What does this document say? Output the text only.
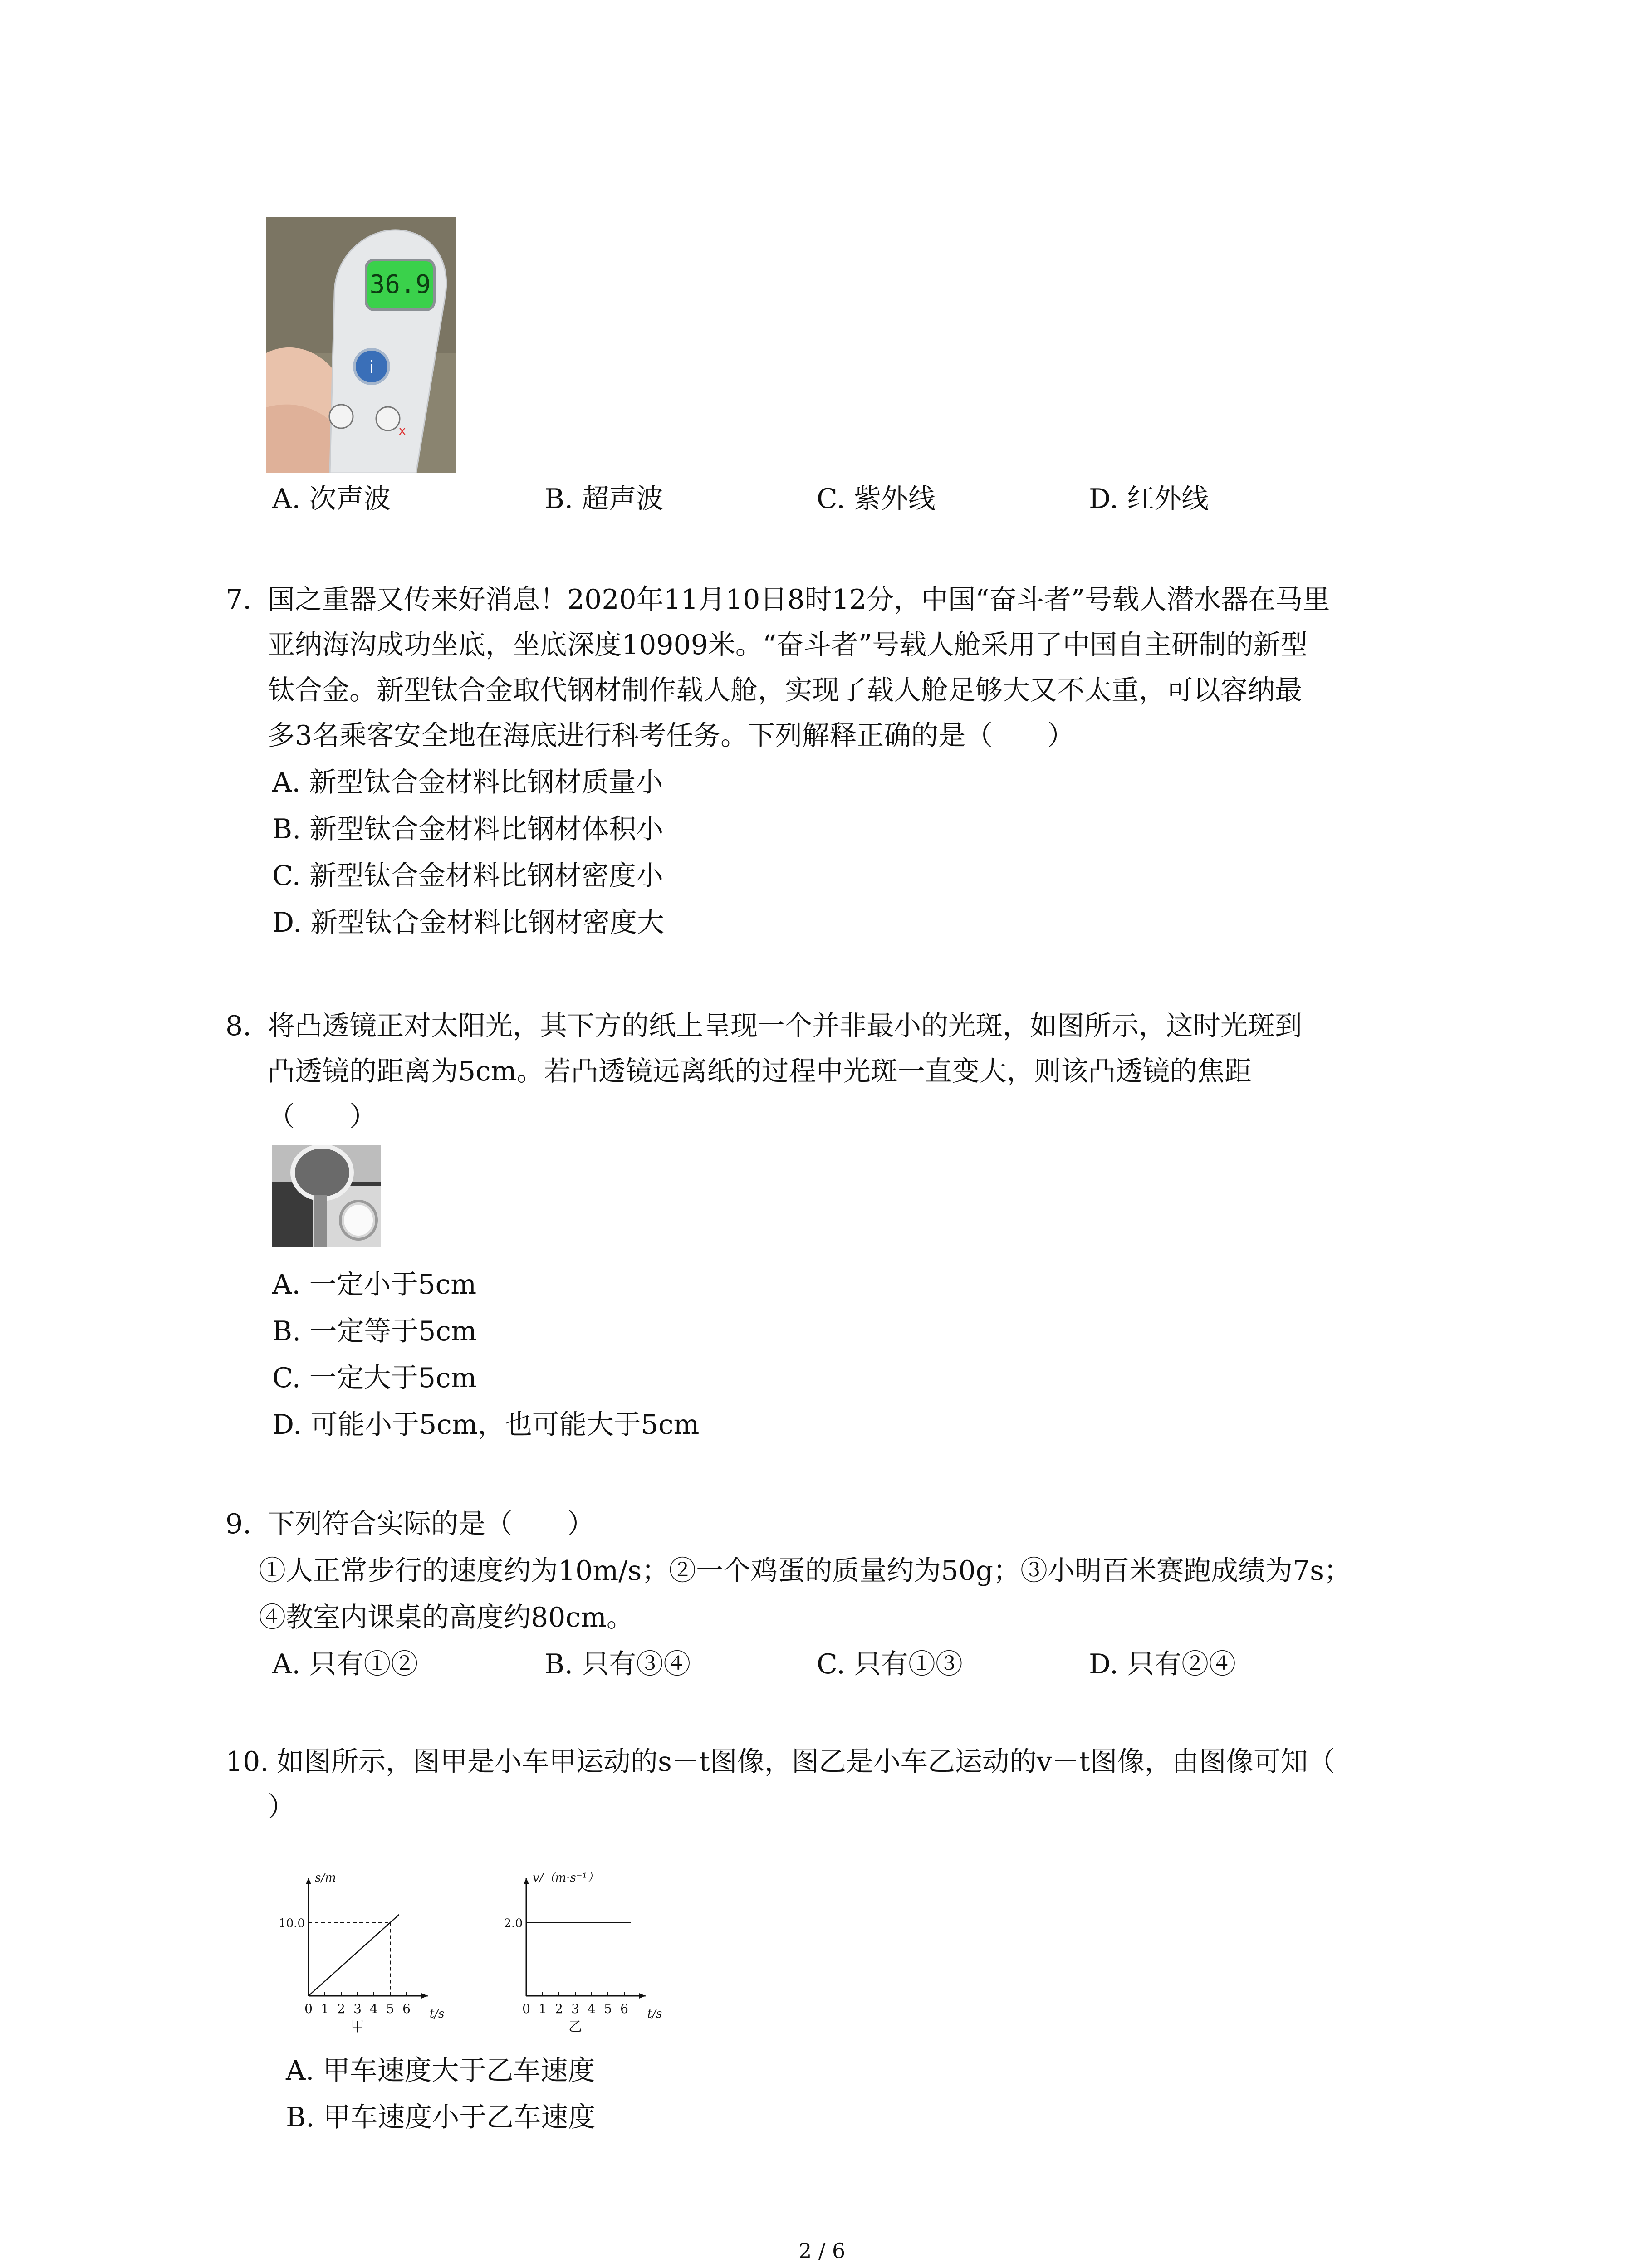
36.9
i
x
A. 次声波	B. 超声波	C. 紫外线	D. 红外线
7. 国之重器又传来好消息！2020年11月10日8时12分，中国“奋斗者”号载人潜水器在马里
亚纳海沟成功坐底，坐底深度10909米。“奋斗者”号载人舱采用了中国自主研制的新型
钛合金。新型钛合金取代钢材制作载人舱，实现了载人舱足够大又不太重，可以容纳最
多3名乘客安全地在海底进行科考任务。下列解释正确的是（　　）
A. 新型钛合金材料比钢材质量小
B. 新型钛合金材料比钢材体积小
C. 新型钛合金材料比钢材密度小
D. 新型钛合金材料比钢材密度大
8. 将凸透镜正对太阳光，其下方的纸上呈现一个并非最小的光斑，如图所示，这时光斑到
凸透镜的距离为5cm。若凸透镜远离纸的过程中光斑一直变大，则该凸透镜的焦距
（　　）
A. 一定小于5cm
B. 一定等于5cm
C. 一定大于5cm
D. 可能小于5cm，也可能大于5cm
9. 下列符合实际的是（　　）
①人正常步行的速度约为10m/s；②一个鸡蛋的质量约为50g；③小明百米赛跑成绩为7s；
④教室内课桌的高度约80cm。
A. 只有①②	B. 只有③④	C. 只有①③	D. 只有②④
10. 如图所示，图甲是小车甲运动的s－t图像，图乙是小车乙运动的v－t图像，由图像可知（
）
0 1 2 3 4 5 6 t/s
s/m
甲
10.0
0 1 2 3 4 5 6 t/s
v/（m·s⁻¹）
乙
2.0
A. 甲车速度大于乙车速度
B. 甲车速度小于乙车速度
2 / 6
